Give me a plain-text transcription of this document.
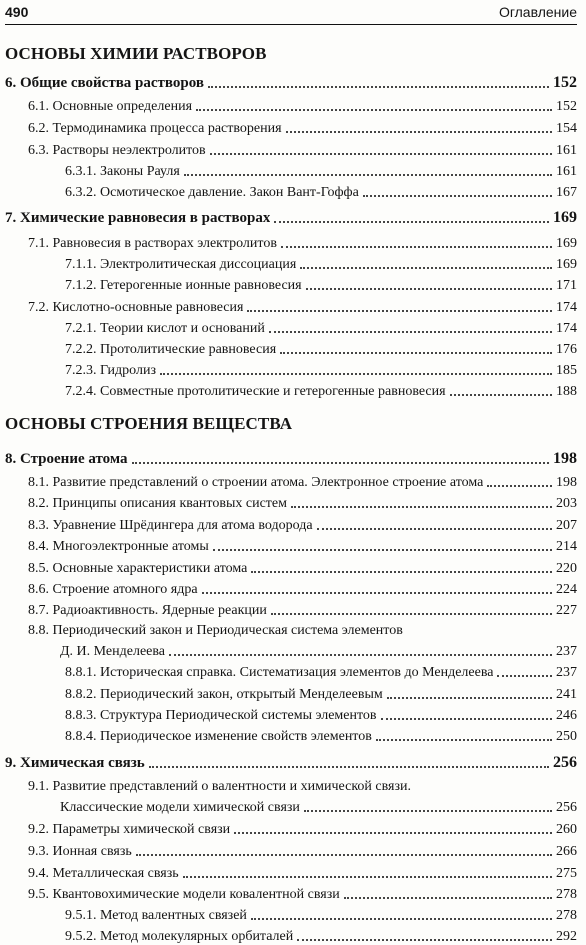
490	Оглавление
ОСНОВЫ ХИМИИ РАСТВОРОВ
ОСНОВЫ СТРОЕНИЯ ВЕЩЕСТВА
6. Общие свойства растворов	152
6.1. Основные определения	152
6.2. Термодинамика процесса растворения	154
6.3. Растворы неэлектролитов	161
6.3.1. Законы Рауля	161
6.3.2. Осмотическое давление. Закон Вант-Гоффа	167
7. Химические равновесия в растворах	169
7.1. Равновесия в растворах электролитов	169
7.1.1. Электролитическая диссоциация	169
7.1.2. Гетерогенные ионные равновесия	171
7.2. Кислотно-основные равновесия	174
7.2.1. Теории кислот и оснований	174
7.2.2. Протолитические равновесия	176
7.2.3. Гидролиз	185
7.2.4. Совместные протолитические и гетерогенные равновесия	188
8. Строение атома	198
8.1. Развитие представлений о строении атома. Электронное строение атома	198
8.2. Принципы описания квантовых систем	203
8.3. Уравнение Шрёдингера для атома водорода	207
8.4. Многоэлектронные атомы	214
8.5. Основные характеристики атома	220
8.6. Строение атомного ядра	224
8.7. Радиоактивность. Ядерные реакции	227
8.8. Периодический закон и Периодическая система элементов
Д. И. Менделеева	237
8.8.1. Историческая справка. Систематизация элементов до Менделеева	237
8.8.2. Периодический закон, открытый Менделеевым	241
8.8.3. Структура Периодической системы элементов	246
8.8.4. Периодическое изменение свойств элементов	250
9. Химическая связь	256
9.1. Развитие представлений о валентности и химической связи.
Классические модели химической связи	256
9.2. Параметры химической связи	260
9.3. Ионная связь	266
9.4. Металлическая связь	275
9.5. Квантовохимические модели ковалентной связи	278
9.5.1. Метод валентных связей	278
9.5.2. Метод молекулярных орбиталей	292
